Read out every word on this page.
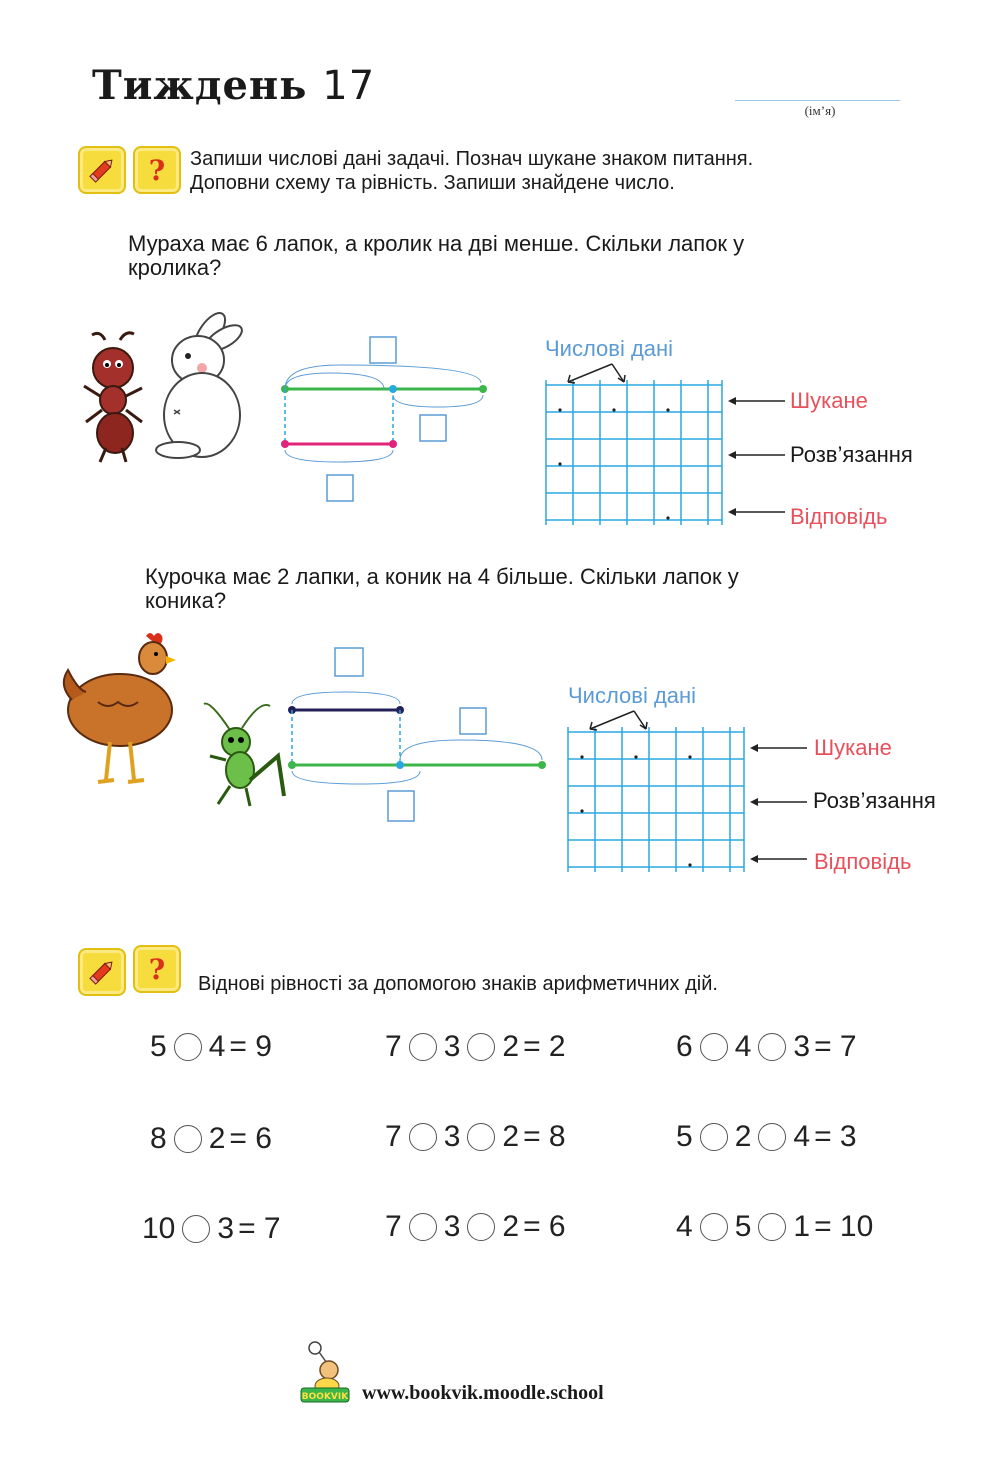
Тиждень 17
(ім’я)
? Запиши числові дані задачі. Познач шукане знаком питання.
Доповни схему та рівність. Запиши знайдене число.
Мураха має 6 лапок, а кролик на дві менше. Скільки лапок у
кролика?
Числові дані
Шукане
Розв’язання
Відповідь
Курочка має 2 лапки, а коник на 4 більше. Скільки лапок у
коника?
Числові дані
Шукане
Розв’язання
Відповідь
? Віднові рівності за допомогою знаків арифметичних дій.
5 4 = 9	7 3 2 = 2	6 4 3 = 7
8 2 = 6	7 3 2 = 8	5 2 4 = 3
10 3 = 7	7 3 2 = 6	4 5 1 = 10
BOOKVIK www.bookvik.moodle.school
